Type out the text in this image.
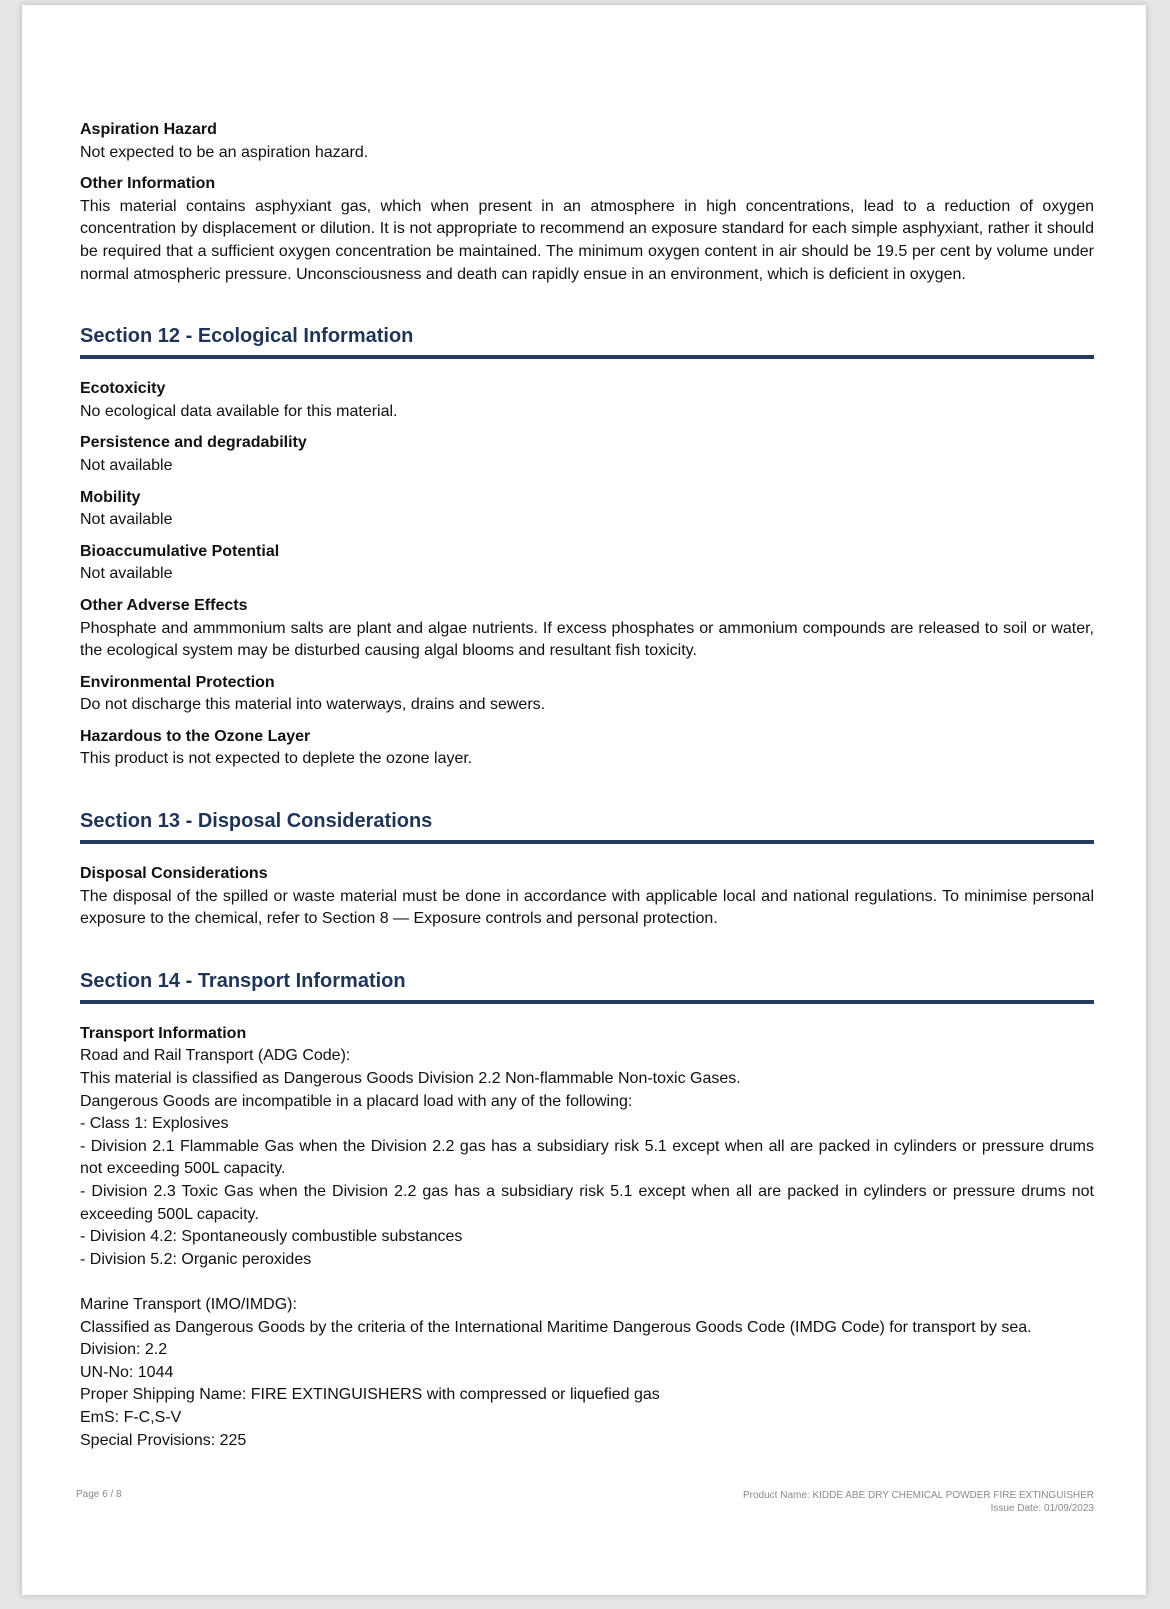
Aspiration Hazard
Not expected to be an aspiration hazard.
Other Information
This material contains asphyxiant gas, which when present in an atmosphere in high concentrations, lead to a reduction of oxygen concentration by displacement or dilution. It is not appropriate to recommend an exposure standard for each simple asphyxiant, rather it should be required that a sufficient oxygen concentration be maintained. The minimum oxygen content in air should be 19.5 per cent by volume under normal atmospheric pressure. Unconsciousness and death can rapidly ensue in an environment, which is deficient in oxygen.
Section 12 - Ecological Information
Ecotoxicity
No ecological data available for this material.
Persistence and degradability
Not available
Mobility
Not available
Bioaccumulative Potential
Not available
Other Adverse Effects
Phosphate and ammmonium salts are plant and algae nutrients. If excess phosphates or ammonium compounds are released to soil or water, the ecological system may be disturbed causing algal blooms and resultant fish toxicity.
Environmental Protection
Do not discharge this material into waterways, drains and sewers.
Hazardous to the Ozone Layer
This product is not expected to deplete the ozone layer.
Section 13 - Disposal Considerations
Disposal Considerations
The disposal of the spilled or waste material must be done in accordance with applicable local and national regulations. To minimise personal exposure to the chemical, refer to Section 8 — Exposure controls and personal protection.
Section 14 - Transport Information
Transport Information
Road and Rail Transport (ADG Code):
This material is classified as Dangerous Goods Division 2.2 Non-flammable Non-toxic Gases.
Dangerous Goods are incompatible in a placard load with any of the following:
- Class 1: Explosives
- Division 2.1 Flammable Gas when the Division 2.2 gas has a subsidiary risk 5.1 except when all are packed in cylinders or pressure drums not exceeding 500L capacity.
- Division 2.3 Toxic Gas when the Division 2.2 gas has a subsidiary risk 5.1 except when all are packed in cylinders or pressure drums not exceeding 500L capacity.
- Division 4.2: Spontaneously combustible substances
- Division 5.2: Organic peroxides
Marine Transport (IMO/IMDG):
Classified as Dangerous Goods by the criteria of the International Maritime Dangerous Goods Code (IMDG Code) for transport by sea.
Division: 2.2
UN-No: 1044
Proper Shipping Name: FIRE EXTINGUISHERS with compressed or liquefied gas
EmS: F-C,S-V
Special Provisions: 225
Page 6 / 8	Product Name: KIDDE ABE DRY CHEMICAL POWDER FIRE EXTINGUISHER
Issue Date: 01/09/2023
